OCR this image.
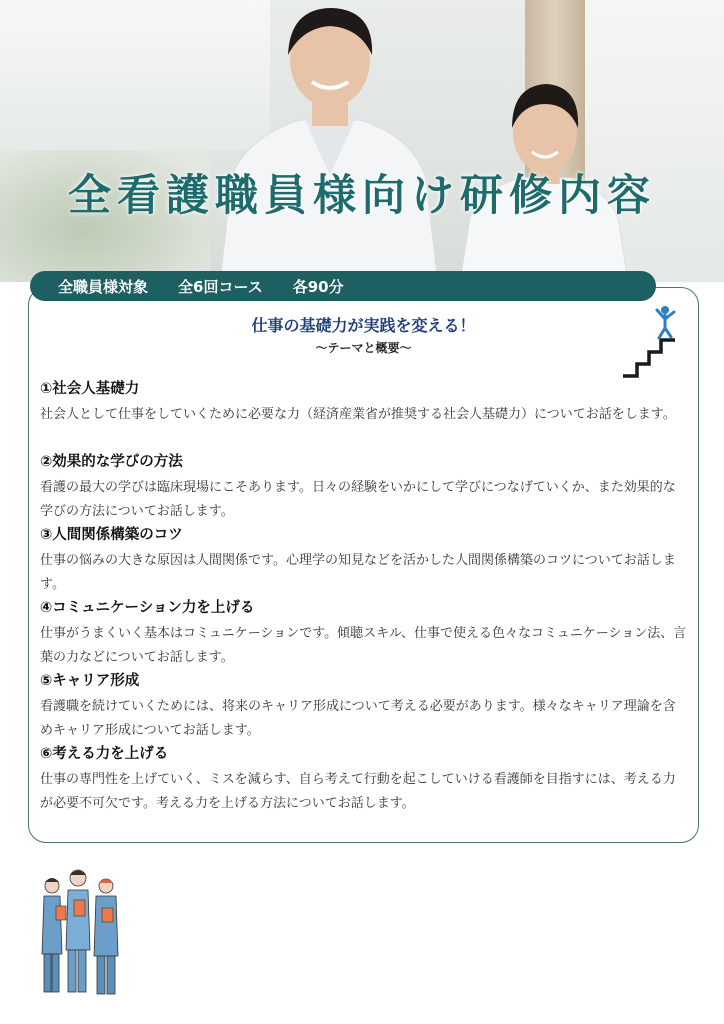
全看護職員様向け研修内容
全職員様対象 全6回コース 各90分
仕事の基礎力が実践を変える！
〜テーマと概要〜
①社会人基礎力
社会人として仕事をしていくために必要な力（経済産業省が推奨する社会人基礎力）についてお話をします。
②効果的な学びの方法
看護の最大の学びは臨床現場にこそあります。日々の経験をいかにして学びにつなげていくか、また効果的な学びの方法についてお話します。
③人間関係構築のコツ
仕事の悩みの大きな原因は人間関係です。心理学の知見などを活かした人間関係構築のコツについてお話します。
④コミュニケーション力を上げる
仕事がうまくいく基本はコミュニケーションです。傾聴スキル、仕事で使える色々なコミュニケーション法、言葉の力などについてお話します。
⑤キャリア形成
看護職を続けていくためには、将来のキャリア形成について考える必要があります。様々なキャリア理論を含めキャリア形成についてお話します。
⑥考える力を上げる
仕事の専門性を上げていく、ミスを減らす、自ら考えて行動を起こしていける看護師を目指すには、考える力が必要不可欠です。考える力を上げる方法についてお話します。
